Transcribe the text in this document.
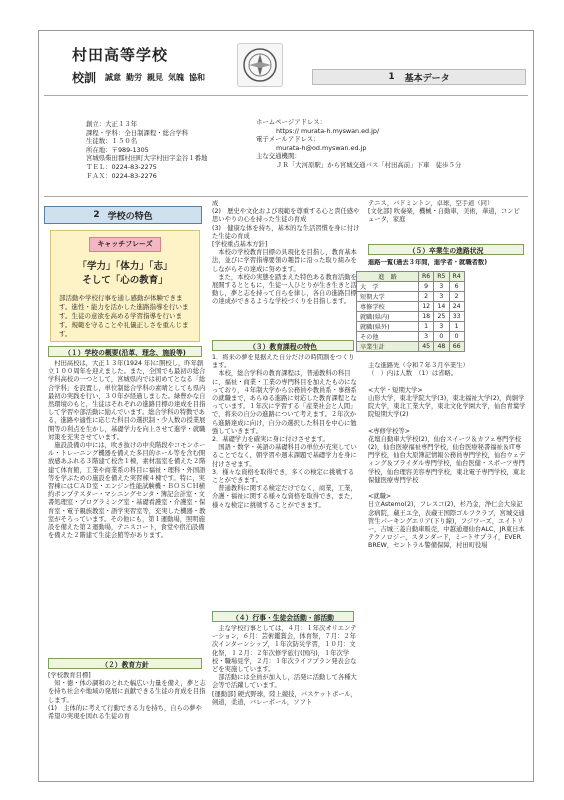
村田高等学校
校訓 誠意 勤労 親見 気魄 協和	1 基本データ
創立：大正１３年
課程・学科：全日制課程・総合学科
生徒数：１５０名
所在地：〒989-1305
宮城県柴田郡村田町大字村田字金谷１番地
ＴＥＬ：0224-83-2275
ＦＡＸ：0224-83-2276
ホームページアドレス：
https:// murata-h.myswan.ed.jp/
電子メールアドレス：
murata-h@od.myswan.ed.jp
主な交通機関：
ＪＲ「大河原駅」から宮城交通バス「村田高前」下車　徒歩５分
2 学校の特色
キャッチフレーズ
「学力」「体力」「志」
そして「心の教育」
部活動や学校行事を通し感動が体験できます。進性・能力を活かした進路指導を行います。生徒の意欲を高める学習指導を行います。規範を守ることや礼儀正しさを重んじます。
（１）学校の概要(沿革、理念、施設等)
　村田高校は，大正１３年(1924 年)に開校し，昨年創立１００周年を迎えました。また，全国でも最初の総合学科高校の一つとして，宮城県内では初めてとなる「総合学科」を設置し，単位制総合学科の素晴としても県内最初の実践を行い，３０年が経過しました。緑豊かな自然環境のもと，生徒はそれぞれの進路目標の達成を目指して学習や部活動に励んでいます。総合学科の特徴である，進路や適性に応じた科目の選択制・少人数の授業展開等の利点を生かし，基礎学力を向上させて進学・就職対策を充実させています。
　施設設備の中には，吹き抜けの中央階段やコモンホール・トレーニング機器を備えた多目的ホール等を含む開放感あふれる３階建て校舎１棟，素材温室を備えた２階建て体育館，工業や商業系の科目に福祉・理科・外国語等を学ぶための施設を備えた実習棟４棟です。特に，実習棟にはＣＡＤ室・エンジン性能試験機・ＢＯＳＣＨ横約ポンプテスター・マシニングセンタ・簿記会計室・文書処理室・プログラミング室・基礎看護室・介護室・保育室・電子親族教室・語学実習室等，充実した機器・教室がそろっています。その他にも，第１運動場，照明施設を備えた第２運動場，テニスコート，食堂や宿泊設備を備えた２階建て生徒会館等があります。
（２）教育方針
[学校教育目標]
　知・徳・体の調和のとれた幅広い力量を備え，夢と志を持ち社会や地域の発展に貢献できる生徒の育成を目指します。
(1)　主体的に考えて行動できる力を持ち，自らの夢や希望の実現を図れる生徒の育
成
(2)　歴史や文化および現範を尊重する心と責任感や思いやりの心を持った生徒の育成
(3)　健康な体を持ち，基本的な生活習慣を身に付けた生徒の育成
[学校重点基本方針]
　本校の学校教育目標の具現化を目指し，教育基本法，並びに学習指導要領の趣旨に沿った取り組みをしながらその達成に努めます。
　また，本校の実態を踏まえた特色ある教育活動を展開するとともに，生徒一人ひとりが生き生きと活動し，夢と志を持って自らを律し，各自の進路目標の達成ができるような学校づくりを目指します。
（３）教育課程の特色
1．将来の夢を見据えた自分だけの時間割をつくります。
　本校，総合学科の教育課程は，普通教科の科目に，福祉・商業・工業の専門科目を加えたものになっており，４年制大学から公務員や教員系・事務系の就職まで，あらゆる進路に対応した教育課程となっています。１年次に学習する「産業社会と人間」で，将来の自分の進路について考えます。２年次から進路達成に向け，自分の選択した科目を中心に勉強していきます。
2．基礎学力を確実に身に付けさせます。
　国語・数学・英語の基礎科目の単位が充実していることでなく，朝学習や週末課題で基礎学力を身に付けさせます。
3．様々な資格を取得でき，多くの検定に挑戦することができます。
　普通教科に関する検定だけでなく，商業，工業，介護・福祉に関する様々な資格を取得でき，また，様々な検定に挑戦することができます。
（４）行事・生徒会活動・部活動
　主な学校行事としては，４月：１年次オリエンテーション，６月：芸術鑑賞会，体育祭，７月：２年次インターンシップ，１年次防災学習，１０月：文化祭，１２月：２年次修学旅行(国内)，１年次学校・職場見学，２月：１年次ライフプラン発表会などを実施しています。
　部活動には全員が加入し，活発に活動して各種大会等で活躍しています。
[運動部] 硬式野球，陸上競技，バスケットボール，剣道，柔道，バレーボール，ソフト
テニス，バドミントン，卓球，空手道（同）
[文化部] 吹奏楽，機械・自動車，美術，華道，コンピュータ，家庭
（５）卒業生の進路状況
進路一覧(過去３年間，進学者・就職者数)
進　路	R6	R5	R4
大　学	9	3	6
短期大学	2	3	2
専修学校	12	14	24
就職(県内)	18	25	33
就職(県外)	1	3	1
その他	3	0	0
卒業生計	45	48	66
主な進路先（令和７年３月卒業生）
（　）内は人数　（1）は省略。

<大学・短期大学>
山形大学，東北学院大学(3)，東北福祉大学(2)，尚絅学院大学，東北工業大学，東北文化学園大学，仙台青葉学院短期大学(2)

<専修学校等>
花壇自動車大学校(2)，仙台スイーツ＆カフェ専門学校(2)，仙台医療福祉専門学校，仙台医療秘書福祉＆IT専門学校，仙台大原簿記情報公務員専門学校，仙台ウェディング＆ブライダル専門学校，仙台医健・スポーツ専門学校，仙台理容美容専門学校，東北電子専門学校，東北保健医療専門学校

<就職>
日立Astemo(2)，フレスコ(2)，杉乃金，浄仁会大泉記念病院，蔵王ユ全，表蔵王国際ゴルフクラブ，宮城交通管生パーキングエリア(下り線)，フジワーズ，エイトリー，吉城三菱自動車販売，中越通運仙台ALC，JR東日本テクノロジー，スタンダード，ミートサプライ，EVER BREW，セントラル警備保障，村田町役場
